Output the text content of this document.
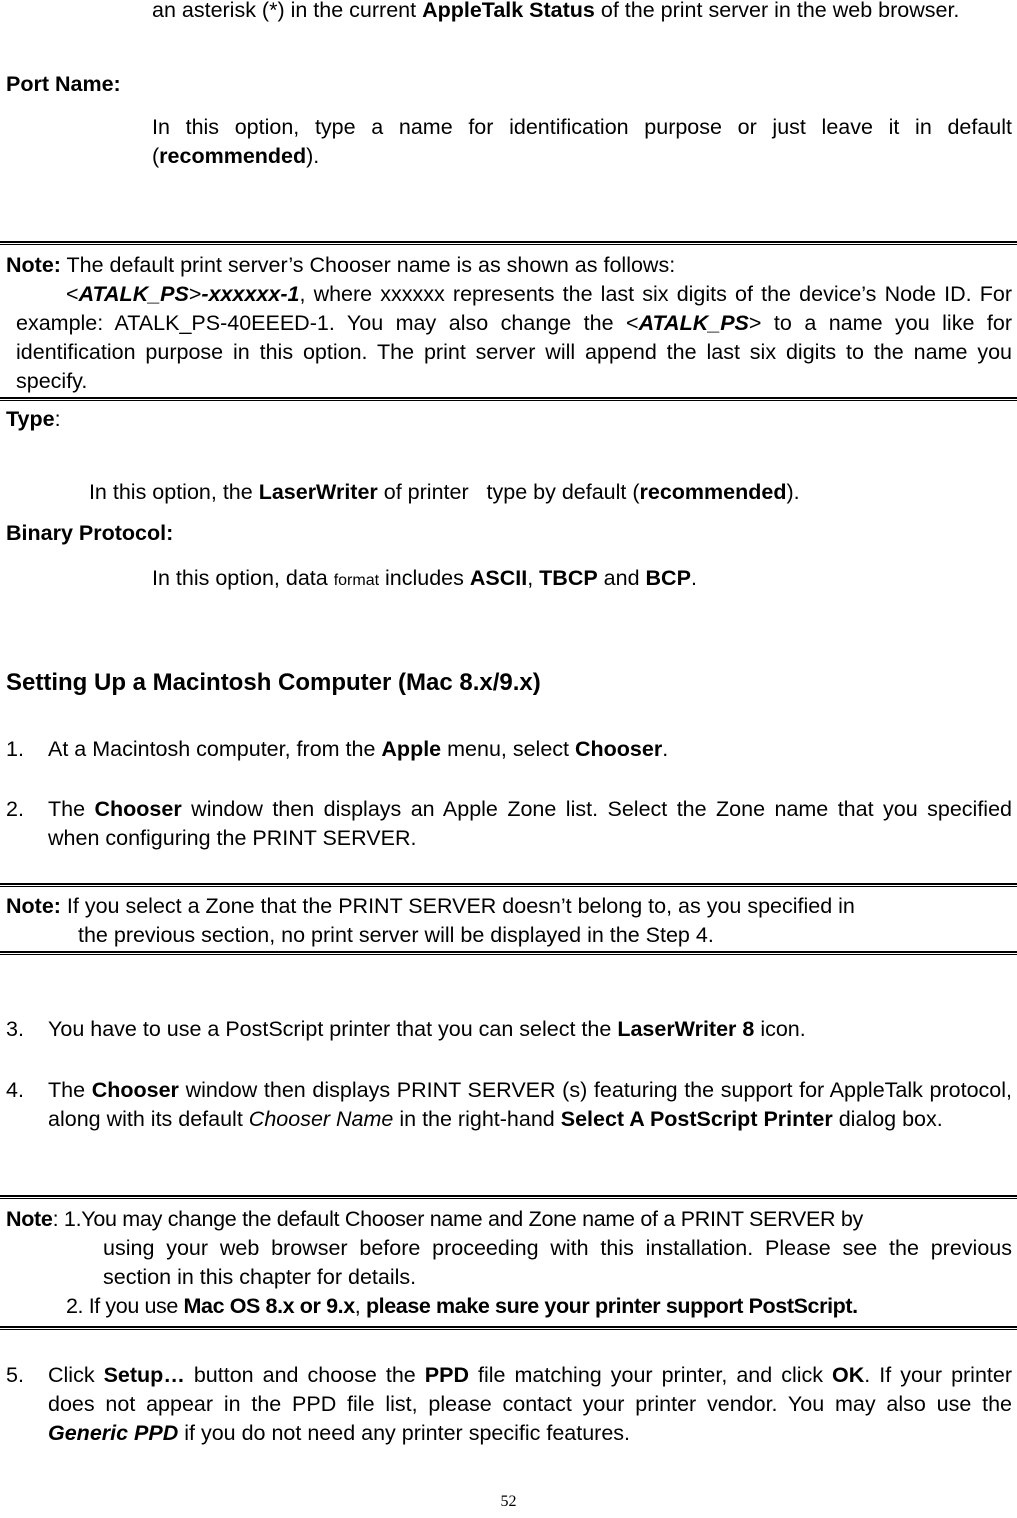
an asterisk (*) in the current AppleTalk Status of the print server in the web browser.
Port Name:
In this option, type a name for identification purpose or just leave it in default (recommended).
Note: The default print server’s Chooser name is as shown as follows:
<ATALK_PS>-xxxxxx-1, where xxxxxx represents the last six digits of the device’s Node ID. For example: ATALK_PS-40EEED-1. You may also change the <ATALK_PS> to a name you like for identification purpose in this option. The print server will append the last six digits to the name you specify.
Type:

In this option, the LaserWriter of printer   type by default (recommended).

Binary Protocol:
In this option, data format includes ASCII, TBCP and BCP.
Setting Up a Macintosh Computer (Mac 8.x/9.x)
1. At a Macintosh computer, from the Apple menu, select Chooser.
2. The Chooser window then displays an Apple Zone list. Select the Zone name that you specified when configuring the PRINT SERVER.
Note: If you select a Zone that the PRINT SERVER doesn’t belong to, as you specified in
the previous section, no print server will be displayed in the Step 4.
3. You have to use a PostScript printer that you can select the LaserWriter 8 icon.
4. The Chooser window then displays PRINT SERVER (s) featuring the support for AppleTalk protocol, along with its default Chooser Name in the right-hand Select A PostScript Printer dialog box.
Note: 1.You may change the default Chooser name and Zone name of a PRINT SERVER by
using your web browser before proceeding with this installation. Please see the previous section in this chapter for details.
2. If you use Mac OS 8.x or 9.x, please make sure your printer support PostScript.
5. Click Setup… button and choose the PPD file matching your printer, and click OK. If your printer does not appear in the PPD file list, please contact your printer vendor. You may also use the Generic PPD if you do not need any printer specific features.
52
